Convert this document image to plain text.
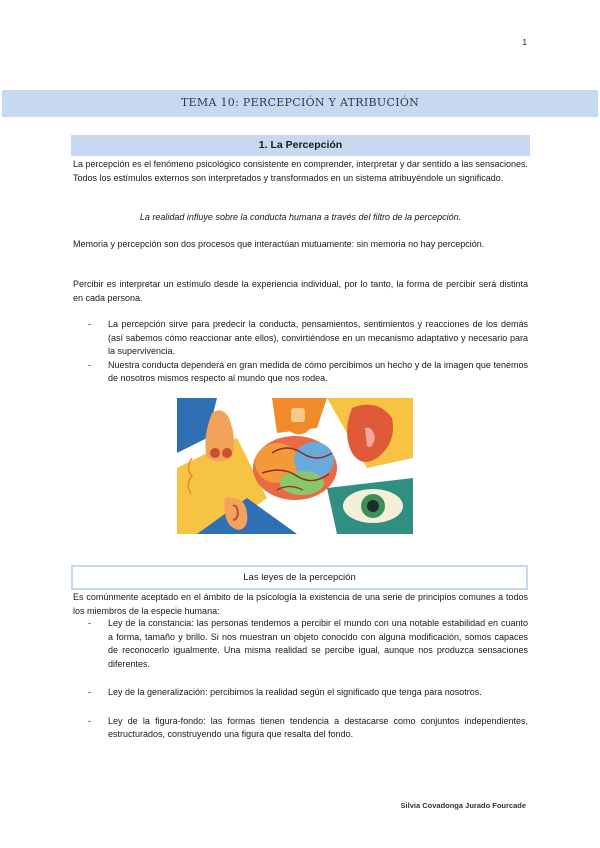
1
TEMA 10: PERCEPCIÓN Y ATRIBUCIÓN
1. La Percepción
La percepción es el fenómeno psicológico consistente en comprender, interpretar y dar sentido a las sensaciones. Todos los estímulos externos son interpretados y transformados en un sistema atribuyéndole un significado.
La realidad influye sobre la conducta humana a través del filtro de la percepción.
Memoria y percepción son dos procesos que interactúan mutuamente: sin memoria no hay percepción.
Percibir es interpretar un estímulo desde la experiencia individual, por lo tanto, la forma de percibir será distinta en cada persona.
- La percepción sirve para predecir la conducta, pensamientos, sentimientos y reacciones de los demás (así sabemos cómo reaccionar ante ellos), convirtiéndose en un mecanismo adaptativo y necesario para la supervivencia.
- Nuestra conducta dependerá en gran medida de cómo percibimos un hecho y de la imagen que tenemos de nosotros mismos respecto al mundo que nos rodea.
Las leyes de la percepción
Es comúnmente aceptado en el ámbito de la psicología la existencia de una serie de principios comunes a todos los miembros de la especie humana:
- Ley de la constancia: las personas tendemos a percibir el mundo con una notable estabilidad en cuanto a forma, tamaño y brillo. Si nos muestran un objeto conocido con alguna modificación, somos capaces de reconocerlo igualmente. Una misma realidad se percibe igual, aunque nos produzca sensaciones diferentes.
- Ley de la generalización: percibimos la realidad según el significado que tenga para nosotros.
- Ley de la figura-fondo: las formas tienen tendencia a destacarse como conjuntos independientes, estructurados, construyendo una figura que resalta del fondo.
Silvia Covadonga Jurado Fourcade
